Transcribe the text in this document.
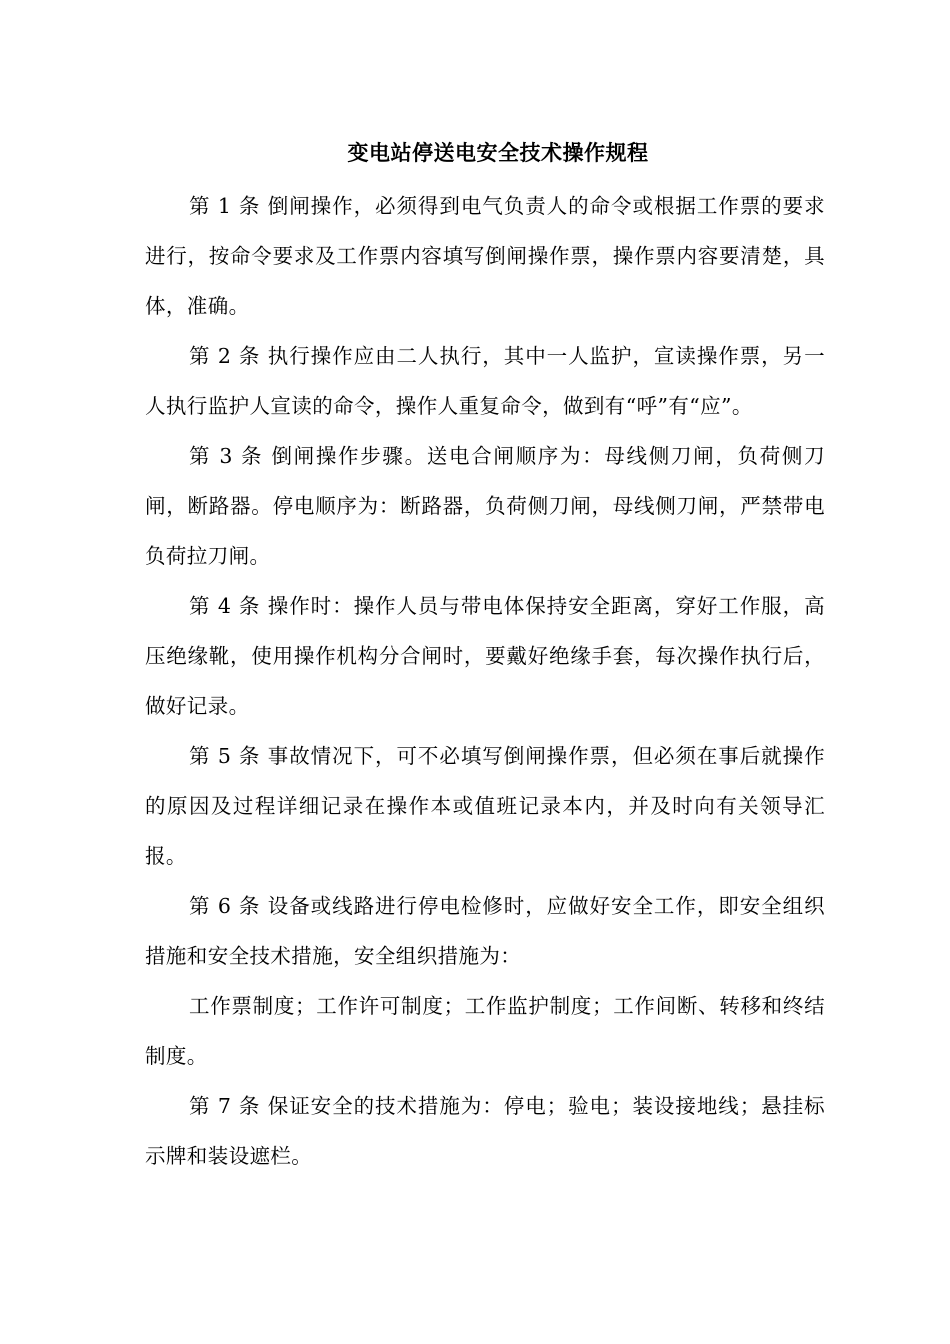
变电站停送电安全技术操作规程

第 1 条 倒闸操作，必须得到电气负责人的命令或根据工作票的要求进行，按命令要求及工作票内容填写倒闸操作票，操作票内容要清楚，具体，准确。

第 2 条 执行操作应由二人执行，其中一人监护，宣读操作票，另一人执行监护人宣读的命令，操作人重复命令，做到有“呼”有“应”。

第 3 条 倒闸操作步骤。送电合闸顺序为：母线侧刀闸，负荷侧刀闸，断路器。停电顺序为：断路器，负荷侧刀闸，母线侧刀闸，严禁带电负荷拉刀闸。

第 4 条 操作时：操作人员与带电体保持安全距离，穿好工作服，高压绝缘靴，使用操作机构分合闸时，要戴好绝缘手套，每次操作执行后，做好记录。

第 5 条 事故情况下，可不必填写倒闸操作票，但必须在事后就操作的原因及过程详细记录在操作本或值班记录本内，并及时向有关领导汇报。

第 6 条 设备或线路进行停电检修时，应做好安全工作，即安全组织措施和安全技术措施，安全组织措施为：

工作票制度；工作许可制度；工作监护制度；工作间断、转移和终结制度。

第 7 条 保证安全的技术措施为：停电；验电；装设接地线；悬挂标示牌和装设遮栏。
